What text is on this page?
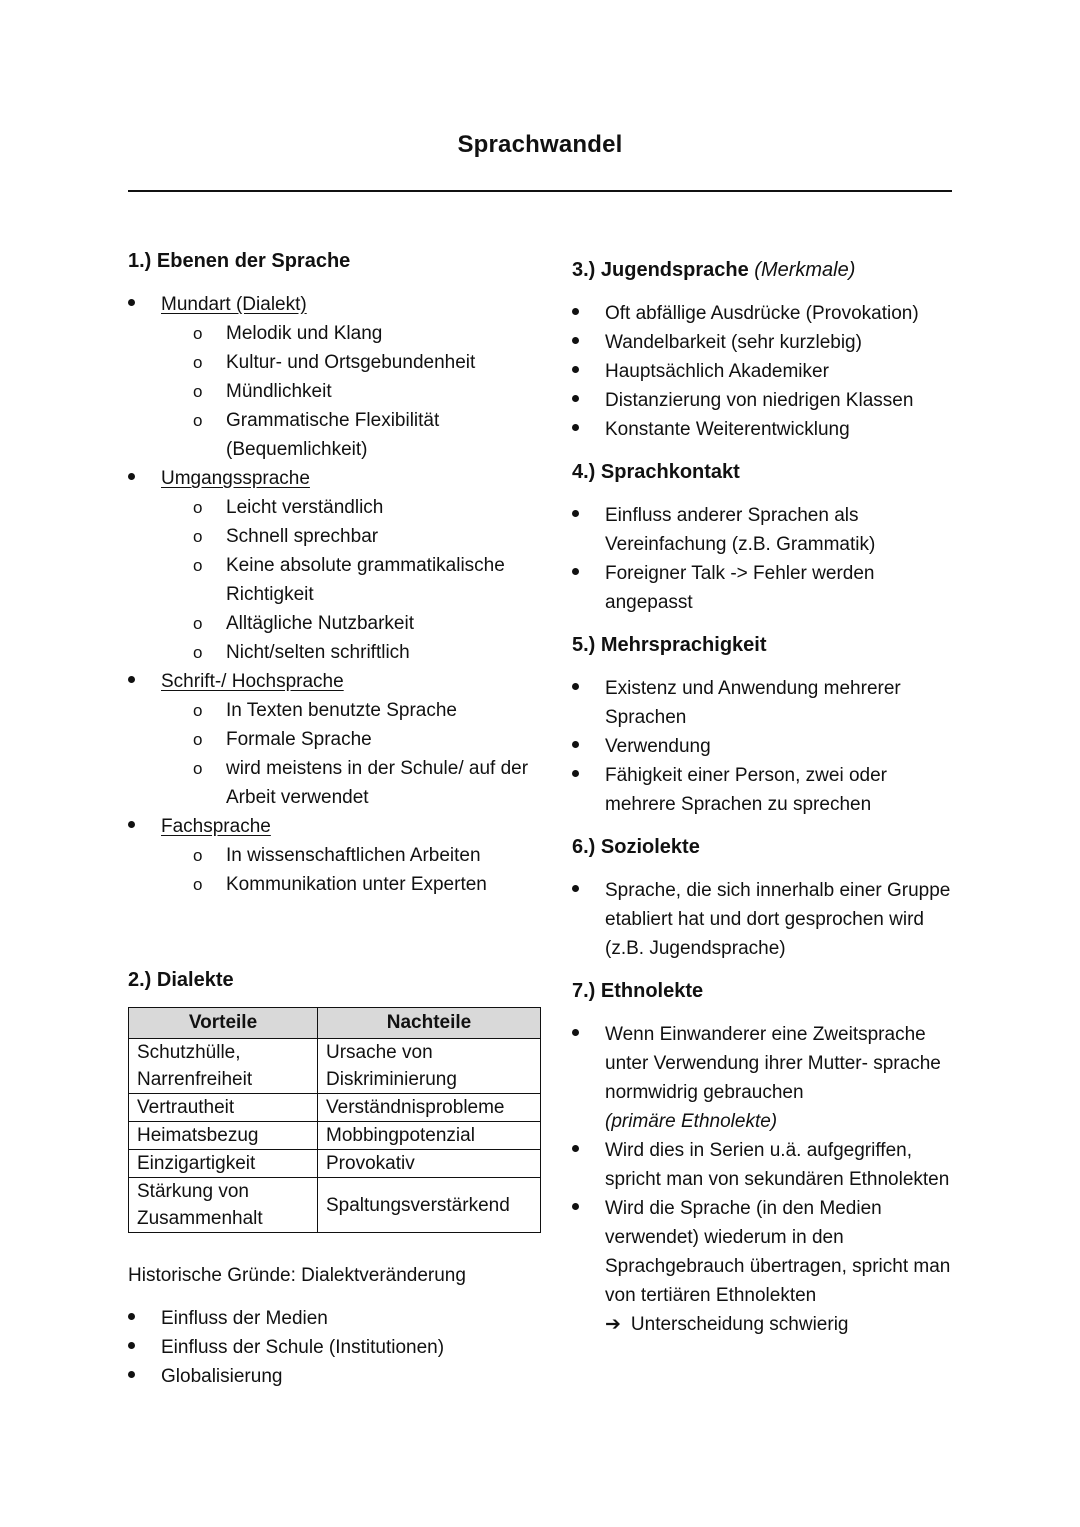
Sprachwandel
1.) Ebenen der Sprache
Mundart (Dialekt)
o Melodik und Klang
o Kultur- und Ortsgebundenheit
o Mündlichkeit
o Grammatische Flexibilität (Bequemlichkeit)
Umgangssprache
o Leicht verständlich
o Schnell sprechbar
o Keine absolute grammatikalische Richtigkeit
o Alltägliche Nutzbarkeit
o Nicht/selten schriftlich
Schrift-/ Hochsprache
o In Texten benutzte Sprache
o Formale Sprache
o wird meistens in der Schule/ auf der Arbeit verwendet
Fachsprache
o In wissenschaftlichen Arbeiten
o Kommunikation unter Experten
2.) Dialekte
Vorteile	Nachteile
Schutzhülle, Narrenfreiheit	Ursache von Diskriminierung
Vertrautheit	Verständnisprobleme
Heimatsbezug	Mobbingpotenzial
Einzigartigkeit	Provokativ
Stärkung von Zusammenhalt	Spaltungsverstärkend
Historische Gründe: Dialektveränderung
Einfluss der Medien
Einfluss der Schule (Institutionen)
Globalisierung
3.) Jugendsprache (Merkmale)
Oft abfällige Ausdrücke (Provokation)
Wandelbarkeit (sehr kurzlebig)
Hauptsächlich Akademiker
Distanzierung von niedrigen Klassen
Konstante Weiterentwicklung
4.) Sprachkontakt
Einfluss anderer Sprachen als Vereinfachung (z.B. Grammatik)
Foreigner Talk -> Fehler werden angepasst
5.) Mehrsprachigkeit
Existenz und Anwendung mehrerer Sprachen
Verwendung
Fähigkeit einer Person, zwei oder mehrere Sprachen zu sprechen
6.) Soziolekte
Sprache, die sich innerhalb einer Gruppe etabliert hat und dort gesprochen wird (z.B. Jugendsprache)
7.) Ethnolekte
Wenn Einwanderer eine Zweitsprache unter Verwendung ihrer Mutter- sprache normwidrig gebrauchen
(primäre Ethnolekte)
Wird dies in Serien u.ä. aufgegriffen, spricht man von sekundären Ethnolekten
Wird die Sprache (in den Medien verwendet) wiederum in den Sprachgebrauch übertragen, spricht man von tertiären Ethnolekten
➔ Unterscheidung schwierig
